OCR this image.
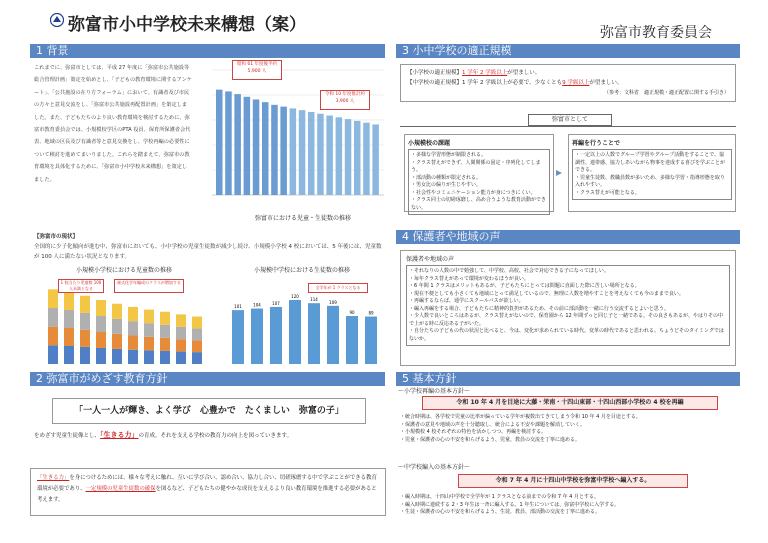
弥富市小中学校未来構想（案）	弥富市教育委員会
1 背景
これまでに、弥富市としては、平成 27 年度に「弥富市公共施設等総合管理計画」策定を始めとし、「子どもの教育環境に関するアンケート」、「公共施設の在り方フォーラム」において、有識者及び市民の方々と意見交流をし、「弥富市公共施設再配置計画」を策定しました。また、子どもたちのより良い教育環境を検討するために、弥富市教育委員会では、小規模校学区のPTA 役員、保育所保護者会代表、地域の区長及び有識者等と意見交換をし、学校再編の必要性について検討を進めてまいりました。これらを踏まえて、弥富市の教育環境を具体化するために、「弥富市小中学校未来構想」を策定しました。
昭和 61 年度後半約 5,900 人
令和 10 年度推計約 3,900 人
弥富市における児童・生徒数の推移
【弥富市の現状】
全国的に少子化傾向が進む中、弥富市においても、小中学校の児童生徒数が減少し続け、小規模小学校 4 校においては、5 年後には、児童数が 100 人に満たない状況となります。
小規模小学校における児童数の推移
1 校当たり児童数 100 人未満となる
複式化学年編成のクラスが増加する
小規模中学校における生徒数の推移
101	104	107
120
114
109
90	89
全学年が 1 クラスとなる
2 弥富市がめざす教育方針
「一人一人が輝き、よく学び　心豊かで　たくましい　弥富の子」
をめざす児童生徒像とし、「生きる力」の育成。それを支える学校の教育力の向上を図っていきます。
「生きる力」を身につけるためには、様々な考えに触れ、互いに学び合い、認め合い、協力し合い、切磋琢磨する中で学ぶことができる教育環境が必要であり、一定規模の児童生徒数の確保を図るなど、子どもたちの健やかな成長を支えるより良い教育環境を推進する必要があると考えます。
3 小中学校の適正規模
【小学校の適正規模】1 学年 2 学級以上が望ましい。
【中学校の適正規模】1 学年 2 学級以上が必要で、少なくとも9 学級以上が望ましい。
（参考：文科省　適正規模・適正配置に関する手引き）
弥富市として
小規模校の課題
・ 多様な学習形態が制限される。
・ クラス替えができず、人間関係の固定・序列化してしまう。
・ 部活動の種類が限定される。
・ 男女比の偏りが生じやすい。
・ 社会性やコミュニケーション能力が身につきにくい。
・ クラス同士の切磋琢磨し、高め合うような教育活動ができない。
再編を行うことで
・ 一定以上の人数でグループ学習やグループ活動をすることで、協調性、連帯感、協力しあいながら物事を達成する喜びを学ぶことができる。
・ 児童生徒数、教職員数が多いため、多様な学習・指導形態を取り入れやすい。
・ クラス替えが可能となる。
4 保護者や地域の声
保護者や地域の声
・ それなりの人数の中で勉強して、中学校、高校、社会で対応できる子になってほしい。
・ 毎年クラス替えがあって環境が変わるほうが良い。
・ 6 年間 1 クラスはメリットもあるが、子どもたちにとっては問題に直面した際に苦しい場所となる。
・ 現在不便としても小さくても地域にとって満足しているので、無理に人数を増やすことを考えなくても今のままで良い。
・ 再編するならば、通学にスクールバスが欲しい。
・ 編入再編をする場合、子どもたちに精神的負担があるため、その前に部活動を一緒に行う交流するとよいと思う。
・ 少人数で良いところはあるが、クラス替えがないので、保育園から 12 年間ずっと同じ子と一緒である。その良さもあるが、やはりその中で上がる時に反応ある子がいた。
・ 自分たちの子どもの代の状況と比べると、今は、変化が求められている時代。変革の時代であると思われる。ちょうどそのタイミングではないか。
5 基本方針
〜小学校再編の基本方針〜
令和 10 年 4 月を目途に大藤・栄南・十四山東部・十四山西部小学校の 4 校を再編
・ 統合時期は、各学校で児童の比率が偏っている学年が複数出てきてしまう令和 10 年 4 月を目途とする。
・ 保護者の意見や地域の声を十分聴取し、統合による不安や課題を解消していく。
・ 小規模校 4 校それぞれの特色を活かしつつ、再編を検討する。
・ 児童・保護者の心の不安を和らげるよう、児童、教員の交流を丁寧に進める。
〜中学校編入の基本方針〜
令和 7 年 4 月に十四山中学校を弥富中学校へ編入する。
・ 編入時期は、十四山中学校で全学年が 1 クラスとなる前までの令和 7 年 4 月とする。
・ 編入時期に連続する 2・3 年生は一斉に編入する。1 年生については、弥富中学校に入学する。
・ 生徒・保護者の心の不安を和らげるよう、生徒、教員、部活動の交流を丁寧に進める。
